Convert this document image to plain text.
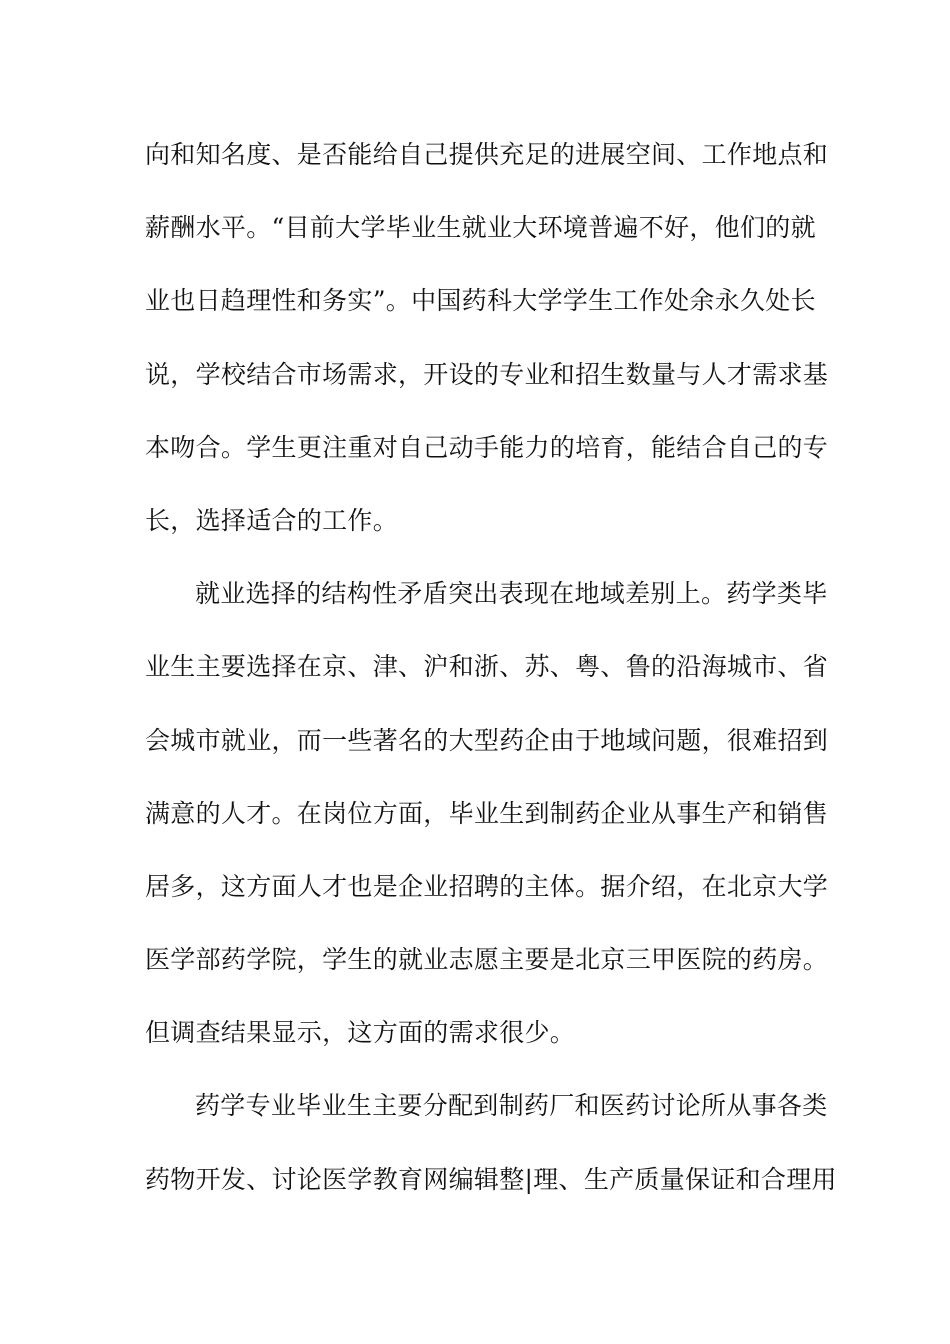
向和知名度、是否能给自己提供充足的进展空间、工作地点和
薪酬水平。“目前大学毕业生就业大环境普遍不好，他们的就
业也日趋理性和务实”。中国药科大学学生工作处余永久处长
说，学校结合市场需求，开设的专业和招生数量与人才需求基
本吻合。学生更注重对自己动手能力的培育，能结合自己的专
长，选择适合的工作。
就业选择的结构性矛盾突出表现在地域差别上。药学类毕
业生主要选择在京、津、沪和浙、苏、粤、鲁的沿海城市、省
会城市就业，而一些著名的大型药企由于地域问题，很难招到
满意的人才。在岗位方面，毕业生到制药企业从事生产和销售
居多，这方面人才也是企业招聘的主体。据介绍，在北京大学
医学部药学院，学生的就业志愿主要是北京三甲医院的药房。
但调查结果显示，这方面的需求很少。
药学专业毕业生主要分配到制药厂和医药讨论所从事各类
药物开发、讨论医学教育网编辑整|理、生产质量保证和合理用
